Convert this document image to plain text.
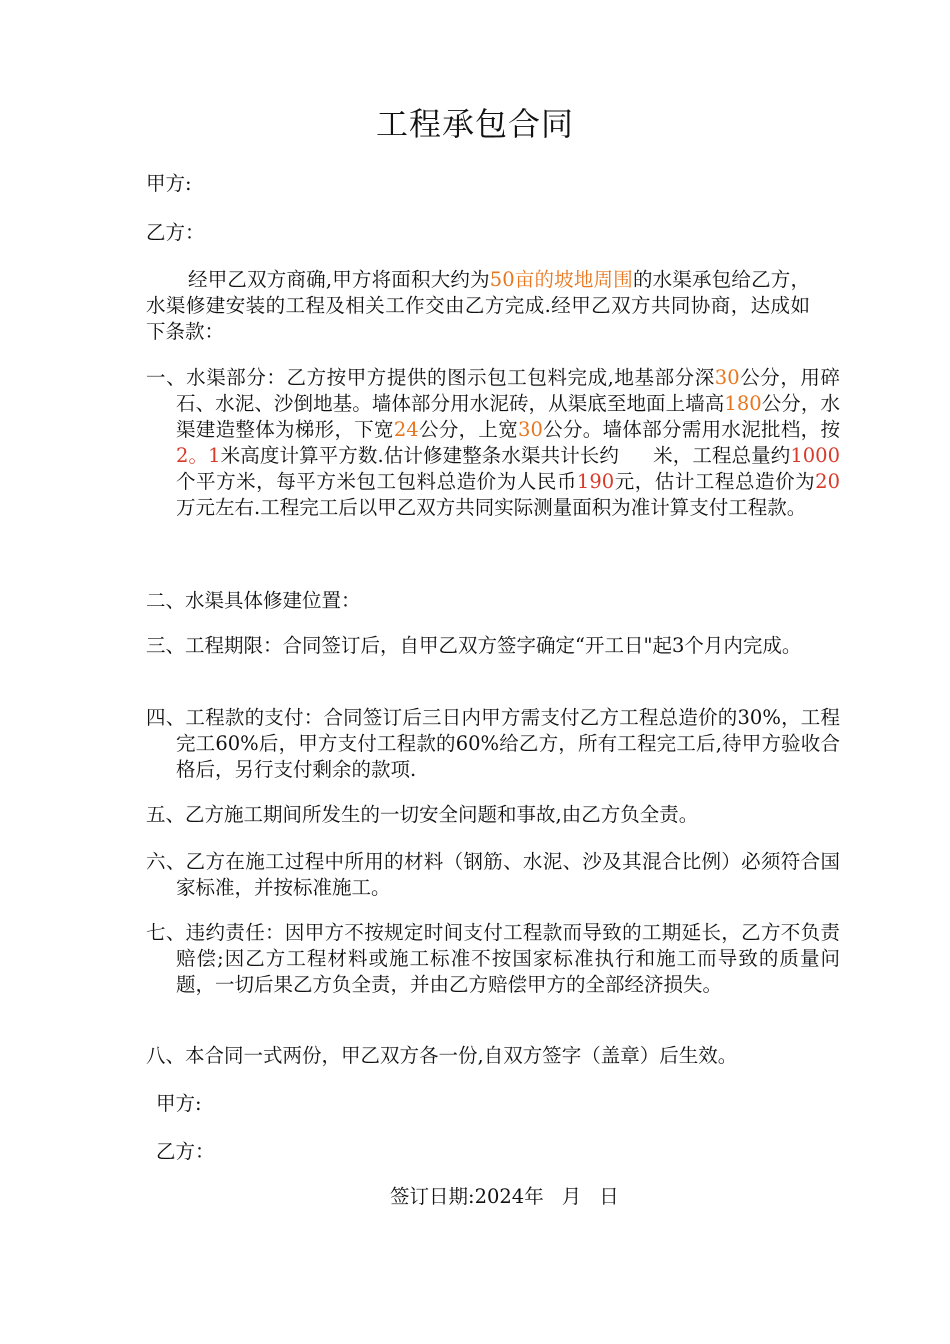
工程承包合同
甲方:
乙方：
经甲乙双方商确,甲方将面积大约为50亩的坡地周围的水渠承包给乙方，水渠修建安装的工程及相关工作交由乙方完成.经甲乙双方共同协商，达成如下条款：
一、水渠部分：乙方按甲方提供的图示包工包料完成,地基部分深30公分，用碎石、水泥、沙倒地基。墙体部分用水泥砖，从渠底至地面上墙高180公分，水渠建造整体为梯形，下宽24公分，上宽30公分。墙体部分需用水泥批档，按2。1米高度计算平方数.估计修建整条水渠共计长约 米，工程总量约1000个平方米，每平方米包工包料总造价为人民币190元，估计工程总造价为20万元左右.工程完工后以甲乙双方共同实际测量面积为准计算支付工程款。
二、水渠具体修建位置：
三、工程期限：合同签订后，自甲乙双方签字确定“开工日"起3个月内完成。
四、工程款的支付：合同签订后三日内甲方需支付乙方工程总造价的30%，工程完工60%后，甲方支付工程款的60%给乙方，所有工程完工后,待甲方验收合格后，另行支付剩余的款项.
五、乙方施工期间所发生的一切安全问题和事故,由乙方负全责。
六、乙方在施工过程中所用的材料（钢筋、水泥、沙及其混合比例）必须符合国家标准，并按标准施工。
七、违约责任：因甲方不按规定时间支付工程款而导致的工期延长，乙方不负责赔偿;因乙方工程材料或施工标准不按国家标准执行和施工而导致的质量问题，一切后果乙方负全责，并由乙方赔偿甲方的全部经济损失。
八、本合同一式两份，甲乙双方各一份,自双方签字（盖章）后生效。
甲方:
乙方：
签订日期:2024年 月 日
